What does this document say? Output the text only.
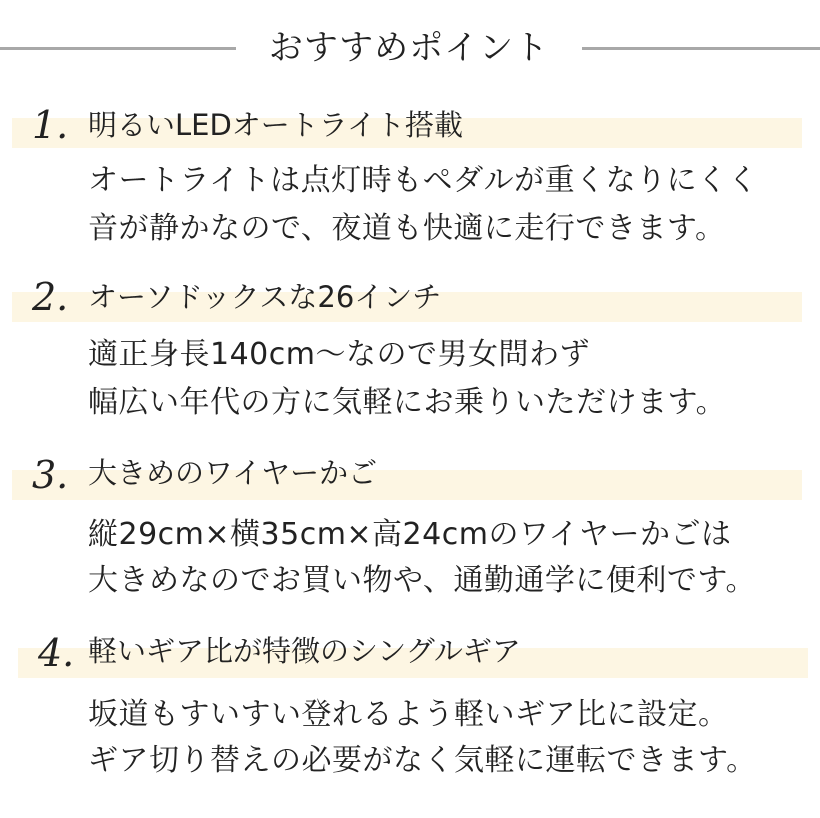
おすすめポイント
1. 明るいLEDオートライト搭載
オートライトは点灯時もペダルが重くなりにくく
音が静かなので、夜道も快適に走行できます。
2. オーソドックスな26インチ
適正身長140cm～なので男女問わず
幅広い年代の方に気軽にお乗りいただけます。
3. 大きめのワイヤーかご
縦29cm×横35cm×高24cmのワイヤーかごは
大きめなのでお買い物や、通勤通学に便利です。
4. 軽いギア比が特徴のシングルギア
坂道もすいすい登れるよう軽いギア比に設定。
ギア切り替えの必要がなく気軽に運転できます。
